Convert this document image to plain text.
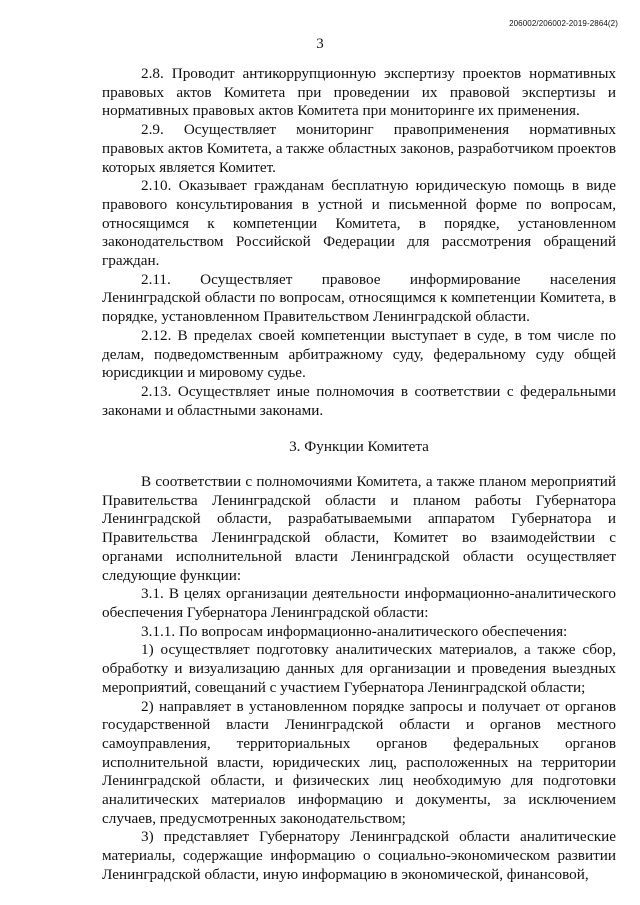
206002/206002-2019-2864(2)
3

2.8. Проводит антикоррупционную экспертизу проектов нормативных правовых актов Комитета при проведении их правовой экспертизы и нормативных правовых актов Комитета при мониторинге их применения.

2.9. Осуществляет мониторинг правоприменения нормативных правовых актов Комитета, а также областных законов, разработчиком проектов которых является Комитет.

2.10. Оказывает гражданам бесплатную юридическую помощь в виде правового консультирования в устной и письменной форме по вопросам, относящимся к компетенции Комитета, в порядке, установленном законодательством Российской Федерации для рассмотрения обращений граждан.

2.11. Осуществляет правовое информирование населения Ленинградской области по вопросам, относящимся к компетенции Комитета, в порядке, установленном Правительством Ленинградской области.

2.12. В пределах своей компетенции выступает в суде, в том числе по делам, подведомственным арбитражному суду, федеральному суду общей юрисдикции и мировому судье.

2.13. Осуществляет иные полномочия в соответствии с федеральными законами и областными законами.

3. Функции Комитета

В соответствии с полномочиями Комитета, а также планом мероприятий Правительства Ленинградской области и планом работы Губернатора Ленинградской области, разрабатываемыми аппаратом Губернатора и Правительства Ленинградской области, Комитет во взаимодействии с органами исполнительной власти Ленинградской области осуществляет следующие функции:

3.1. В целях организации деятельности информационно-аналитического обеспечения Губернатора Ленинградской области:

3.1.1. По вопросам информационно-аналитического обеспечения:

1) осуществляет подготовку аналитических материалов, а также сбор, обработку и визуализацию данных для организации и проведения выездных мероприятий, совещаний с участием Губернатора Ленинградской области;

2) направляет в установленном порядке запросы и получает от органов государственной власти Ленинградской области и органов местного самоуправления, территориальных органов федеральных органов исполнительной власти, юридических лиц, расположенных на территории Ленинградской области, и физических лиц необходимую для подготовки аналитических материалов информацию и документы, за исключением случаев, предусмотренных законодательством;

3) представляет Губернатору Ленинградской области аналитические материалы, содержащие информацию о социально-экономическом развитии Ленинградской области, иную информацию в экономической, финансовой,
